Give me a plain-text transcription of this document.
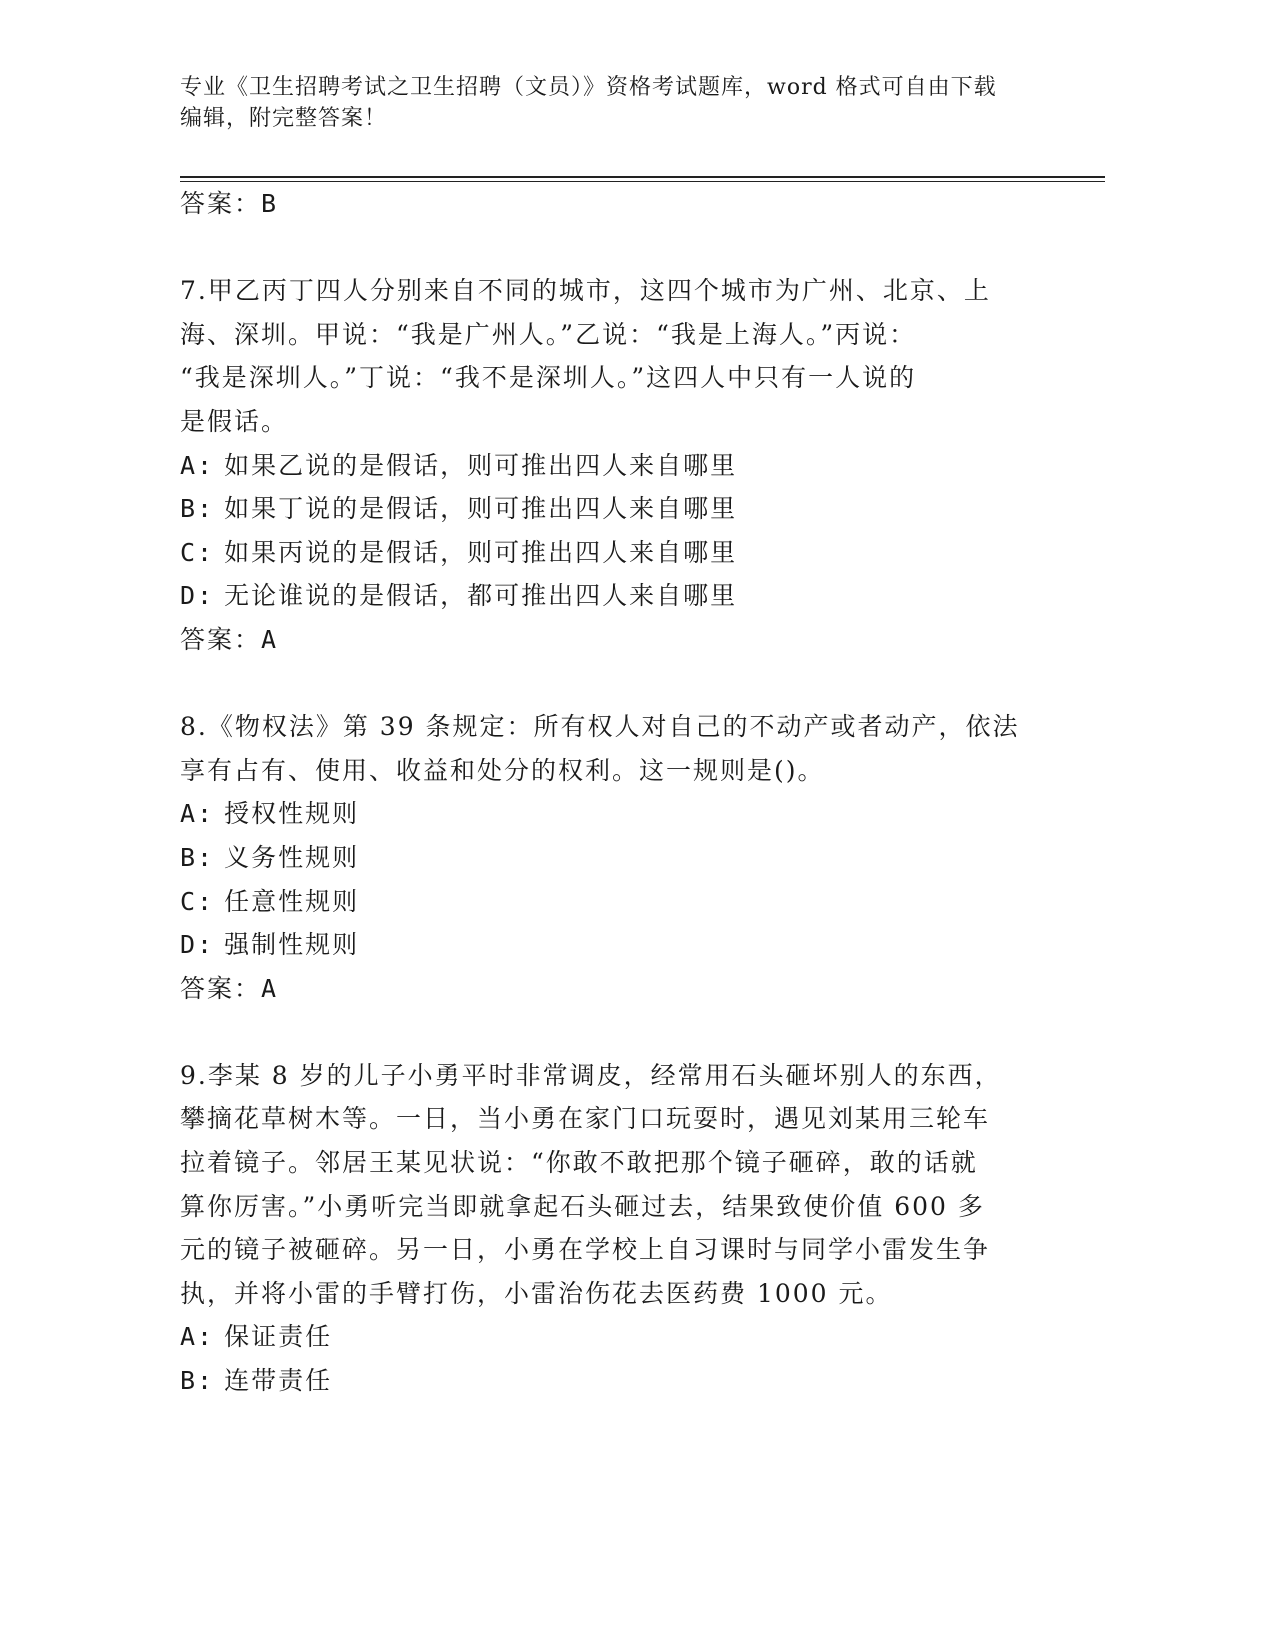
专业《卫生招聘考试之卫生招聘（文员）》资格考试题库，word 格式可自由下载

编辑，附完整答案！

答案：B

7.甲乙丙丁四人分别来自不同的城市，这四个城市为广州、北京、上

海、深圳。甲说：“我是广州人。”乙说：“我是上海人。”丙说：

“我是深圳人。”丁说：“我不是深圳人。”这四人中只有一人说的

是假话。

A: 如果乙说的是假话，则可推出四人来自哪里

B: 如果丁说的是假话，则可推出四人来自哪里

C: 如果丙说的是假话，则可推出四人来自哪里

D: 无论谁说的是假话，都可推出四人来自哪里

答案：A

8.《物权法》第 39 条规定：所有权人对自己的不动产或者动产，依法

享有占有、使用、收益和处分的权利。这一规则是()。

A: 授权性规则

B: 义务性规则

C: 任意性规则

D: 强制性规则

答案：A

9.李某 8 岁的儿子小勇平时非常调皮，经常用石头砸坏别人的东西，

攀摘花草树木等。一日，当小勇在家门口玩耍时，遇见刘某用三轮车

拉着镜子。邻居王某见状说：“你敢不敢把那个镜子砸碎，敢的话就

算你厉害。”小勇听完当即就拿起石头砸过去，结果致使价值 600 多

元的镜子被砸碎。另一日，小勇在学校上自习课时与同学小雷发生争

执，并将小雷的手臂打伤，小雷治伤花去医药费 1000 元。

A: 保证责任

B: 连带责任
